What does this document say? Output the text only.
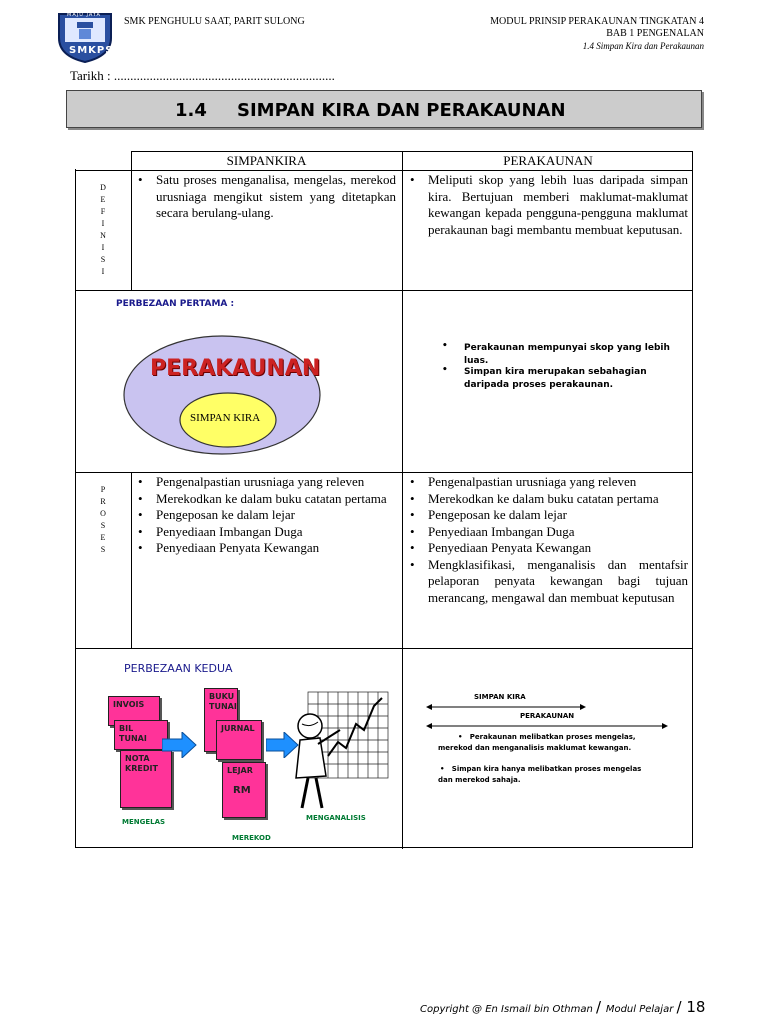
MAJU JAYA
SMKPS
SMK PENGHULU SAAT, PARIT SULONG	MODUL PRINSIP PERAKAUNAN TINGKATAN 4
BAB 1 PENGENALAN
1.4 Simpan Kira dan Perakaunan
Tarikh : ....................................................................
1.4 SIMPAN KIRA DAN PERAKAUNAN
SIMPANKIRA	PERAKAUNAN
D
E
F
I
N
I
S
I
• Satu proses menganalisa, mengelas, merekod urusniaga mengikut sistem yang ditetapkan secara berulang-ulang.
• Meliputi skop yang lebih luas daripada simpan kira. Bertujuan memberi maklumat-maklumat kewangan kepada pengguna-pengguna maklumat perakaunan bagi membantu membuat keputusan.
PERBEZAAN PERTAMA :
PERAKAUNAN
SIMPAN KIRA
• Perakaunan mempunyai skop yang lebih luas.
• Simpan kira merupakan sebahagian daripada proses perakaunan.
P
R
O
S
E
S
• Pengenalpastian urusniaga yang releven
• Merekodkan ke dalam buku catatan pertama
• Pengeposan ke dalam lejar
• Penyediaan Imbangan Duga
• Penyediaan Penyata Kewangan
• Pengenalpastian urusniaga yang releven
• Merekodkan ke dalam buku catatan pertama
• Pengeposan ke dalam lejar
• Penyediaan Imbangan Duga
• Penyediaan Penyata Kewangan
• Mengklasifikasi, menganalisis dan mentafsir pelaporan penyata kewangan bagi tujuan merancang, mengawal dan membuat keputusan
PERBEZAAN KEDUA
INVOIS
BIL TUNAI
NOTA KREDIT
BUKU TUNAI
JURNAL
LEJAR
RM
MENGELAS
MEREKOD
MENGANALISIS
SIMPAN KIRA
PERAKAUNAN
•   Perakaunan melibatkan proses mengelas, merekod dan menganalisis maklumat kewangan.
•   Simpan kira hanya melibatkan proses mengelas dan merekod sahaja.
Copyright @ En Ismail bin Othman / Modul Pelajar / 18
